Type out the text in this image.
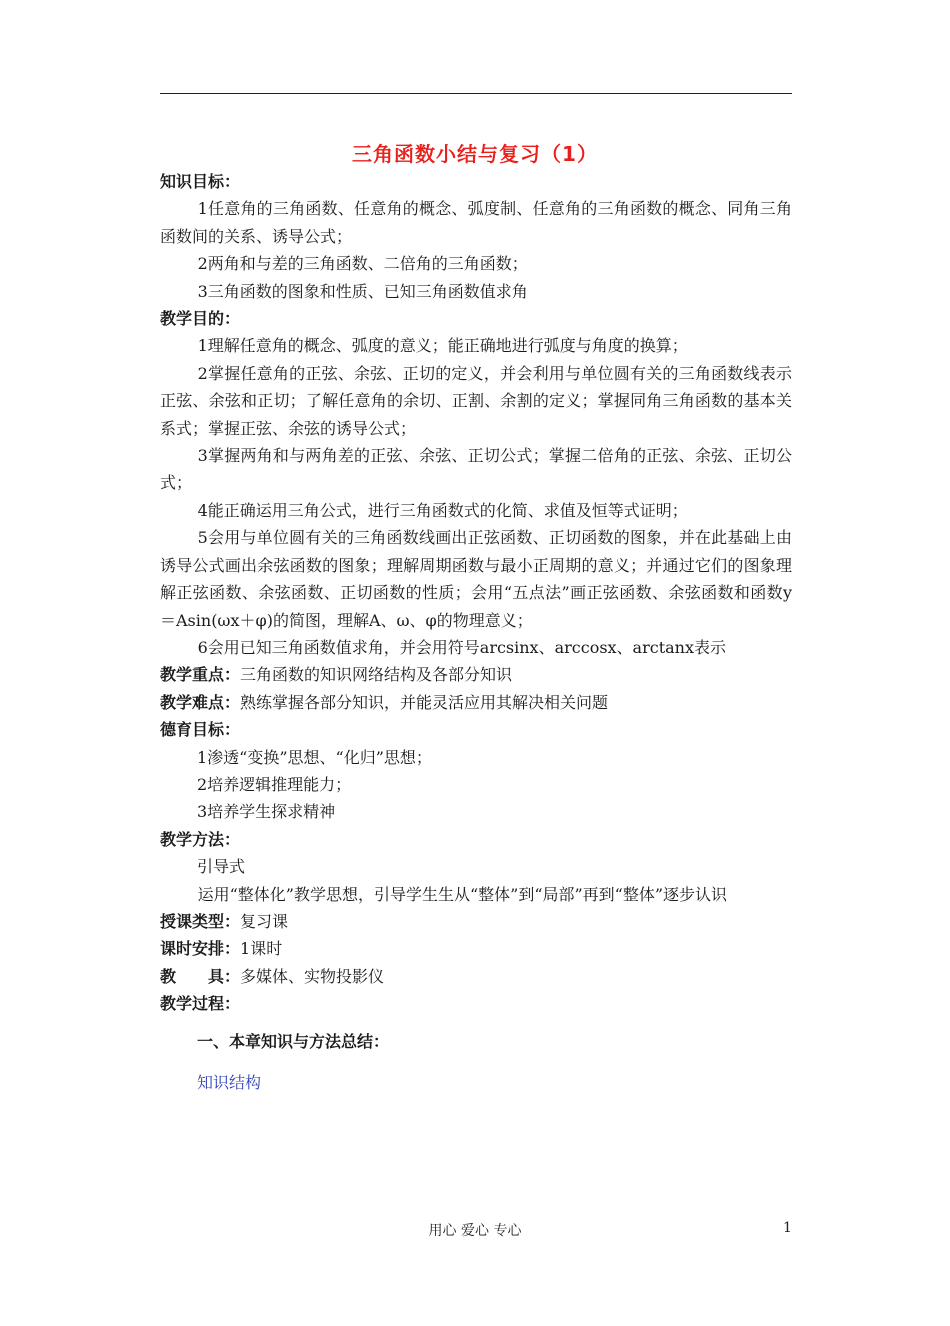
三角函数小结与复习（1）
知识目标：
1任意角的三角函数、任意角的概念、弧度制、任意角的三角函数的概念、同角三角函数间的关系、诱导公式；
2两角和与差的三角函数、二倍角的三角函数；
3三角函数的图象和性质、已知三角函数值求角
教学目的：
1理解任意角的概念、弧度的意义；能正确地进行弧度与角度的换算；
2掌握任意角的正弦、余弦、正切的定义，并会利用与单位圆有关的三角函数线表示正弦、余弦和正切；了解任意角的余切、正割、余割的定义；掌握同角三角函数的基本关系式；掌握正弦、余弦的诱导公式；
3掌握两角和与两角差的正弦、余弦、正切公式；掌握二倍角的正弦、余弦、正切公式；
4能正确运用三角公式，进行三角函数式的化简、求值及恒等式证明；
5会用与单位圆有关的三角函数线画出正弦函数、正切函数的图象，并在此基础上由诱导公式画出余弦函数的图象；理解周期函数与最小正周期的意义；并通过它们的图象理解正弦函数、余弦函数、正切函数的性质；会用“五点法”画正弦函数、余弦函数和函数y＝Asin(ωx＋φ)的简图，理解A、ω、φ的物理意义；
6会用已知三角函数值求角，并会用符号arcsinx、arccosx、arctanx表示
教学重点：三角函数的知识网络结构及各部分知识
教学难点：熟练掌握各部分知识，并能灵活应用其解决相关问题
德育目标：
1渗透“变换”思想、“化归”思想；
2培养逻辑推理能力；
3培养学生探求精神
教学方法：
引导式
运用“整体化”教学思想，引导学生生从“整体”到“局部”再到“整体”逐步认识
授课类型：复习课
课时安排：1课时
教　　具：多媒体、实物投影仪
教学过程：
一、本章知识与方法总结：
知识结构
用心 爱心 专心	1
